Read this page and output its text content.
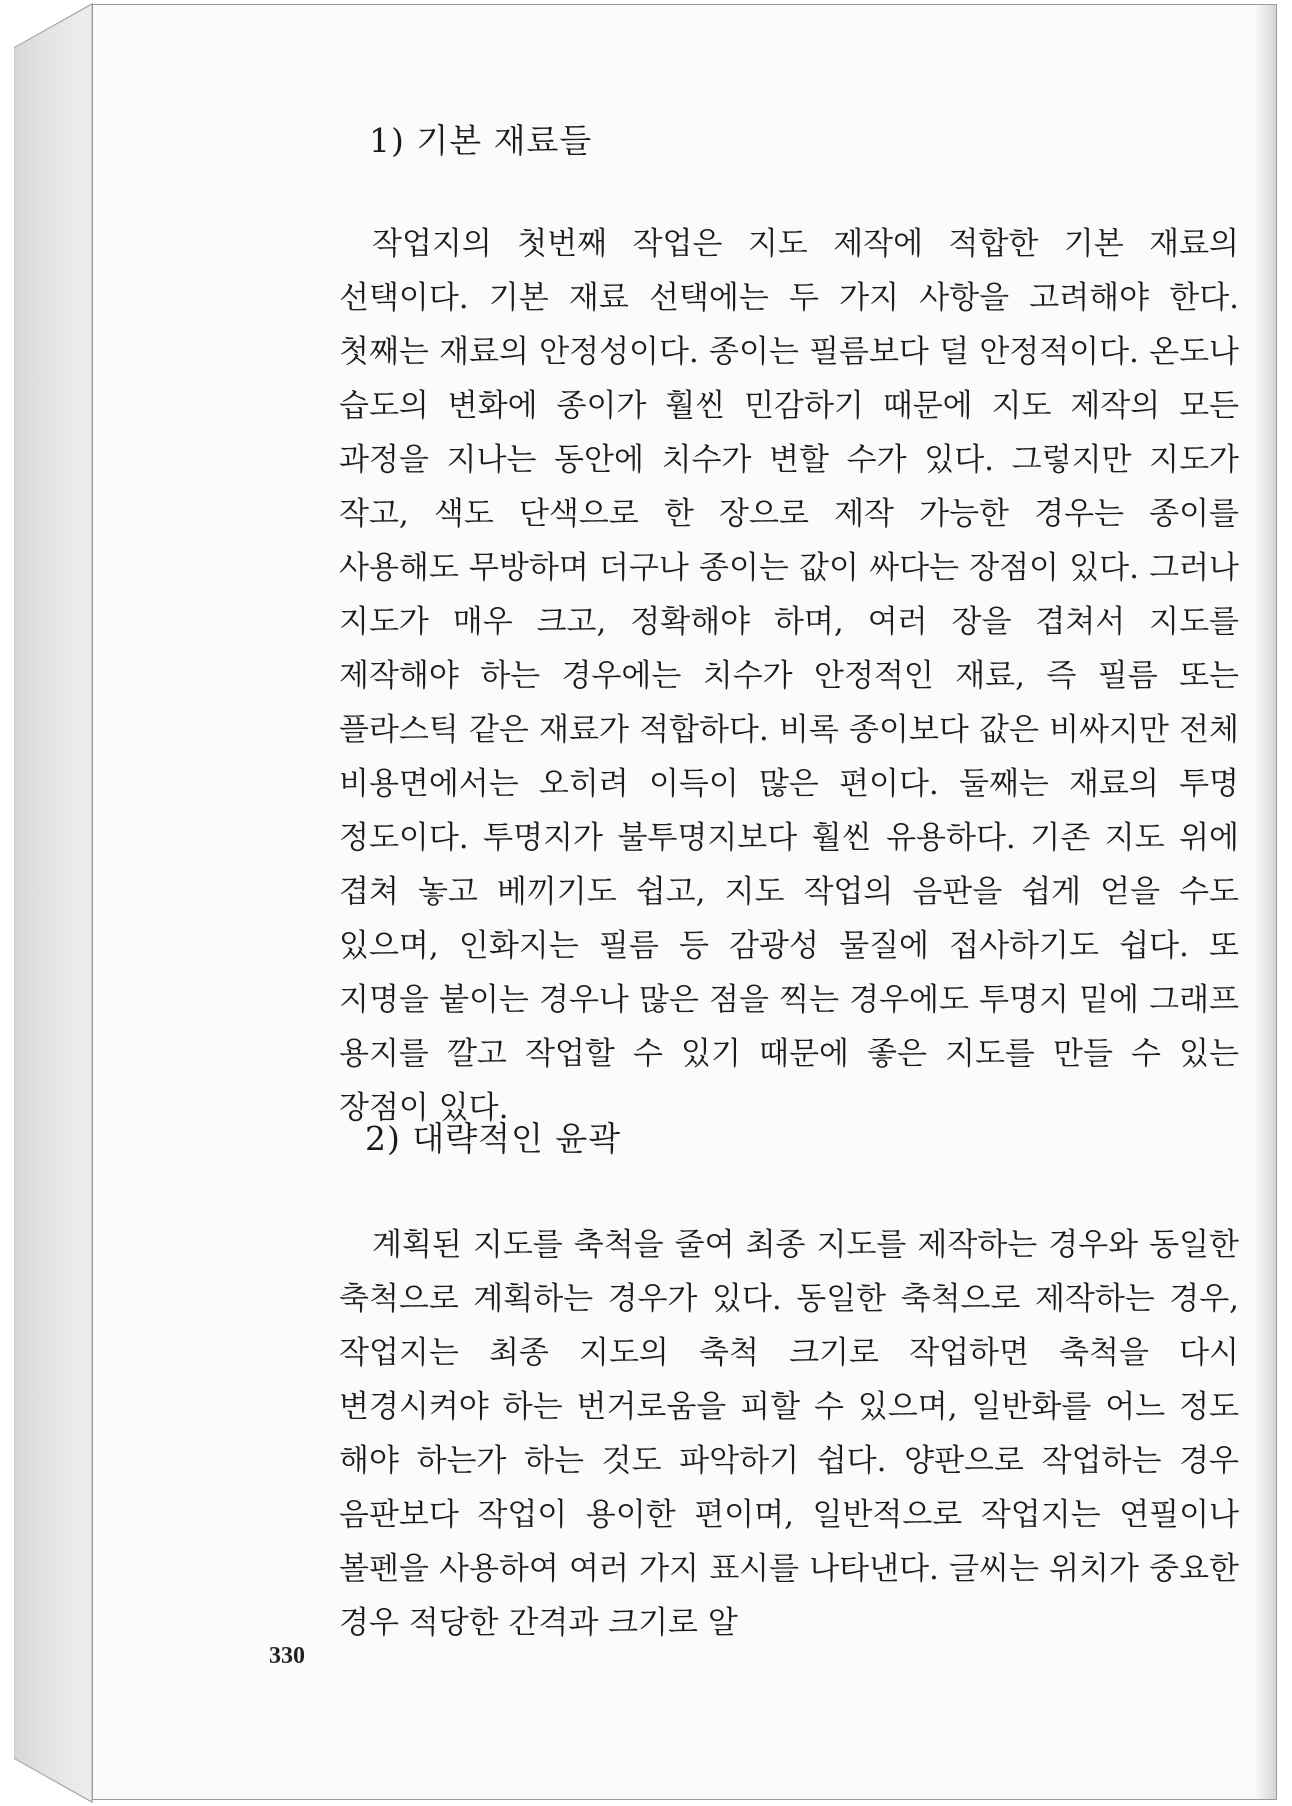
1) 기본 재료들
작업지의 첫번째 작업은 지도 제작에 적합한 기본 재료의 선택이다. 기본 재료 선택에는 두 가지 사항을 고려해야 한다. 첫째는 재료의 안정성이다. 종이는 필름보다 덜 안정적이다. 온도나 습도의 변화에 종이가 훨씬 민감하기 때문에 지도 제작의 모든 과정을 지나는 동안에 치수가 변할 수가 있다. 그렇지만 지도가 작고, 색도 단색으로 한 장으로 제작 가능한 경우는 종이를 사용해도 무방하며 더구나 종이는 값이 싸다는 장점이 있다. 그러나 지도가 매우 크고, 정확해야 하며, 여러 장을 겹쳐서 지도를 제작해야 하는 경우에는 치수가 안정적인 재료, 즉 필름 또는 플라스틱 같은 재료가 적합하다. 비록 종이보다 값은 비싸지만 전체 비용면에서는 오히려 이득이 많은 편이다. 둘째는 재료의 투명 정도이다. 투명지가 불투명지보다 훨씬 유용하다. 기존 지도 위에 겹쳐 놓고 베끼기도 쉽고, 지도 작업의 음판을 쉽게 얻을 수도 있으며, 인화지는 필름 등 감광성 물질에 접사하기도 쉽다. 또 지명을 붙이는 경우나 많은 점을 찍는 경우에도 투명지 밑에 그래프 용지를 깔고 작업할 수 있기 때문에 좋은 지도를 만들 수 있는 장점이 있다.
2) 대략적인 윤곽
계획된 지도를 축척을 줄여 최종 지도를 제작하는 경우와 동일한 축척으로 계획하는 경우가 있다. 동일한 축척으로 제작하는 경우, 작업지는 최종 지도의 축척 크기로 작업하면 축척을 다시 변경시켜야 하는 번거로움을 피할 수 있으며, 일반화를 어느 정도 해야 하는가 하는 것도 파악하기 쉽다. 양판으로 작업하는 경우 음판보다 작업이 용이한 편이며, 일반적으로 작업지는 연필이나 볼펜을 사용하여 여러 가지 표시를 나타낸다. 글씨는 위치가 중요한 경우 적당한 간격과 크기로 알
330
